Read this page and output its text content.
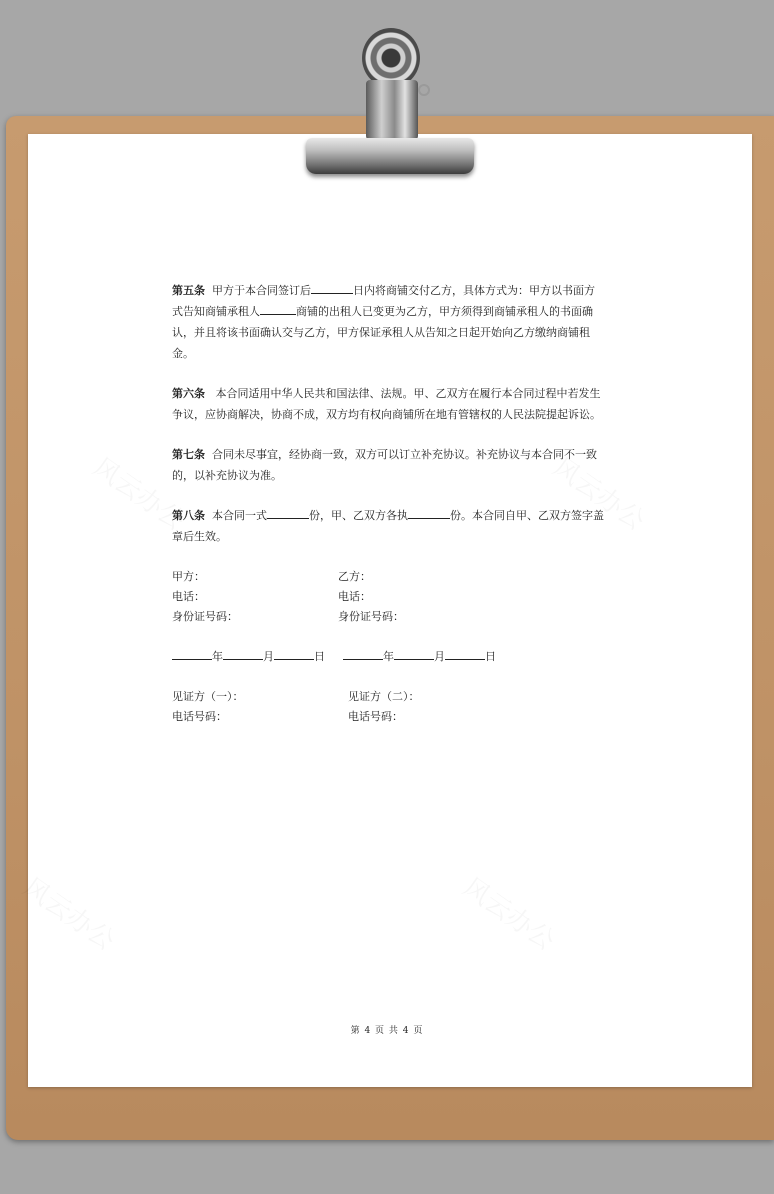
第五条 甲方于本合同签订后	日内将商铺交付乙方，具体方式为：甲方以书面方式告知商铺承租人	商铺的出租人已变更为乙方，甲方须得到商铺承租人的书面确认，并且将该书面确认交与乙方，甲方保证承租人从告知之日起开始向乙方缴纳商铺租金。

第六条 本合同适用中华人民共和国法律、法规。甲、乙双方在履行本合同过程中若发生争议，应协商解决，协商不成，双方均有权向商铺所在地有管辖权的人民法院提起诉讼。

第七条 合同未尽事宜，经协商一致，双方可以订立补充协议。补充协议与本合同不一致的，以补充协议为准。

第八条 本合同一式	份，甲、乙双方各执	份。本合同自甲、乙双方签字盖章后生效。

甲方：	乙方：
电话：	电话：
身份证号码：	身份证号码：
年	月	日	年	月	日
见证方（一）：	见证方（二）：
电话号码：	电话号码：
第 4 页 共 4 页
